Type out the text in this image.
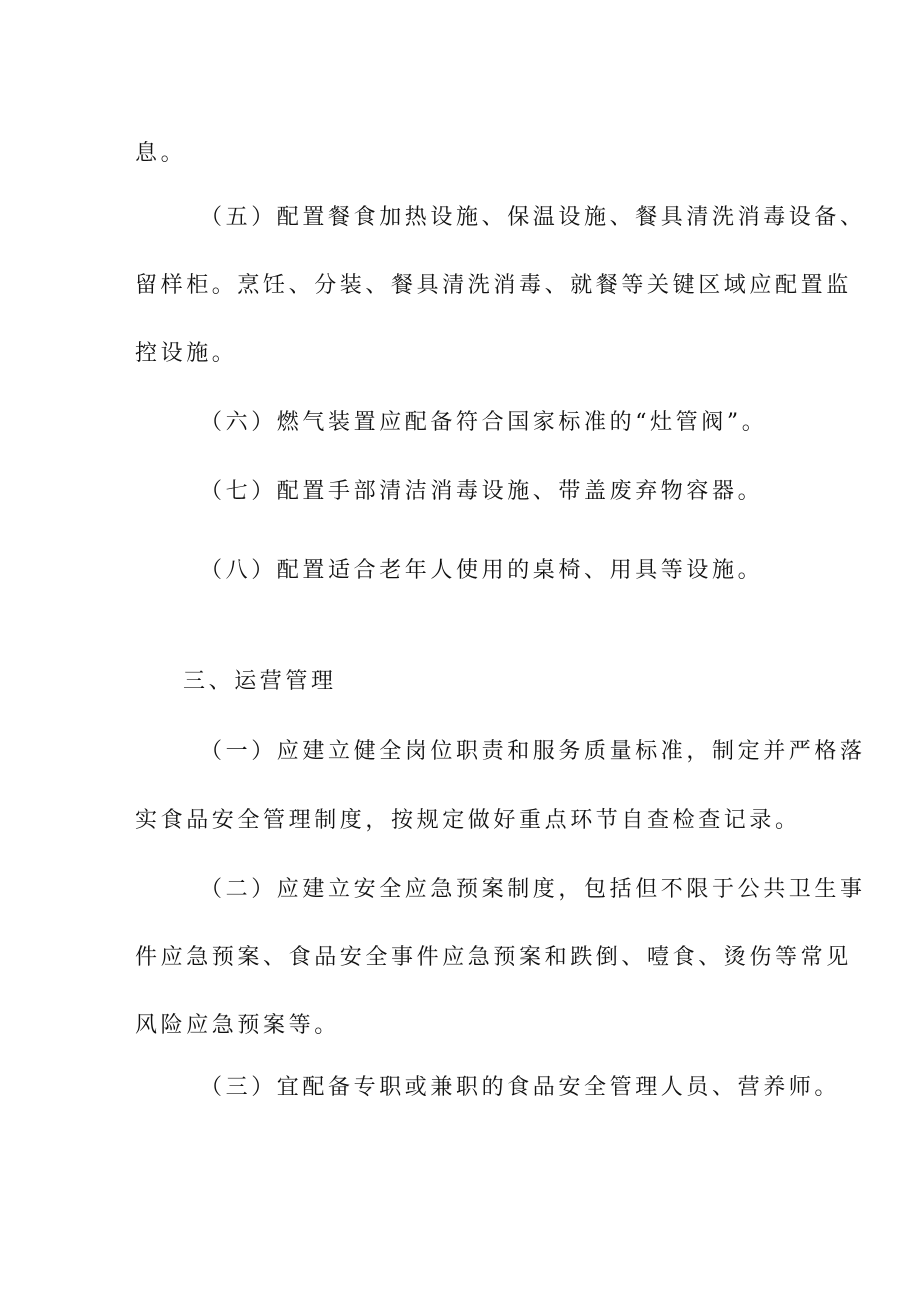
息。
（五）配置餐食加热设施、保温设施、餐具清洗消毒设备、
留样柜。烹饪、分装、餐具清洗消毒、就餐等关键区域应配置监
控设施。
（六）燃气装置应配备符合国家标准的“灶管阀”。
（七）配置手部清洁消毒设施、带盖废弃物容器。
（八）配置适合老年人使用的桌椅、用具等设施。
三、运营管理
（一）应建立健全岗位职责和服务质量标准，制定并严格落
实食品安全管理制度，按规定做好重点环节自查检查记录。
（二）应建立安全应急预案制度，包括但不限于公共卫生事
件应急预案、食品安全事件应急预案和跌倒、噎食、烫伤等常见
风险应急预案等。
（三）宜配备专职或兼职的食品安全管理人员、营养师。
